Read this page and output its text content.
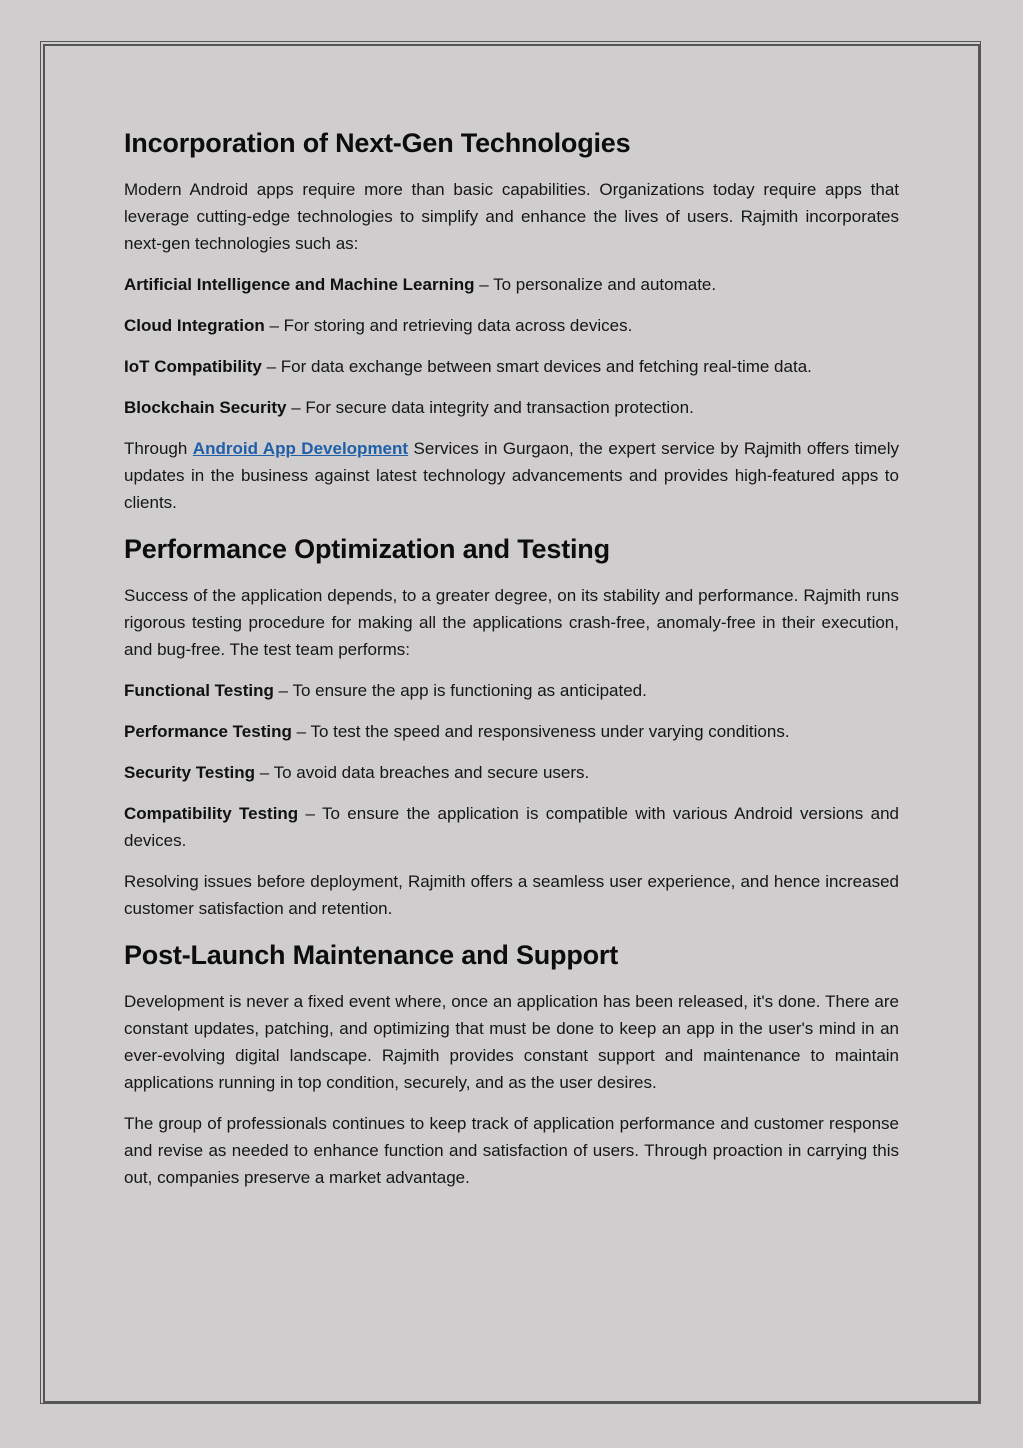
Incorporation of Next-Gen Technologies

Modern Android apps require more than basic capabilities. Organizations today require apps that leverage cutting-edge technologies to simplify and enhance the lives of users. Rajmith incorporates next-gen technologies such as:

Artificial Intelligence and Machine Learning – To personalize and automate.

Cloud Integration – For storing and retrieving data across devices.

IoT Compatibility – For data exchange between smart devices and fetching real-time data.

Blockchain Security – For secure data integrity and transaction protection.

Through Android App Development Services in Gurgaon, the expert service by Rajmith offers timely updates in the business against latest technology advancements and provides high-featured apps to clients.

Performance Optimization and Testing

Success of the application depends, to a greater degree, on its stability and performance. Rajmith runs rigorous testing procedure for making all the applications crash-free, anomaly-free in their execution, and bug-free. The test team performs:

Functional Testing – To ensure the app is functioning as anticipated.

Performance Testing – To test the speed and responsiveness under varying conditions.

Security Testing – To avoid data breaches and secure users.

Compatibility Testing – To ensure the application is compatible with various Android versions and devices.

Resolving issues before deployment, Rajmith offers a seamless user experience, and hence increased customer satisfaction and retention.

Post-Launch Maintenance and Support

Development is never a fixed event where, once an application has been released, it's done. There are constant updates, patching, and optimizing that must be done to keep an app in the user's mind in an ever-evolving digital landscape. Rajmith provides constant support and maintenance to maintain applications running in top condition, securely, and as the user desires.

The group of professionals continues to keep track of application performance and customer response and revise as needed to enhance function and satisfaction of users. Through proaction in carrying this out, companies preserve a market advantage.
